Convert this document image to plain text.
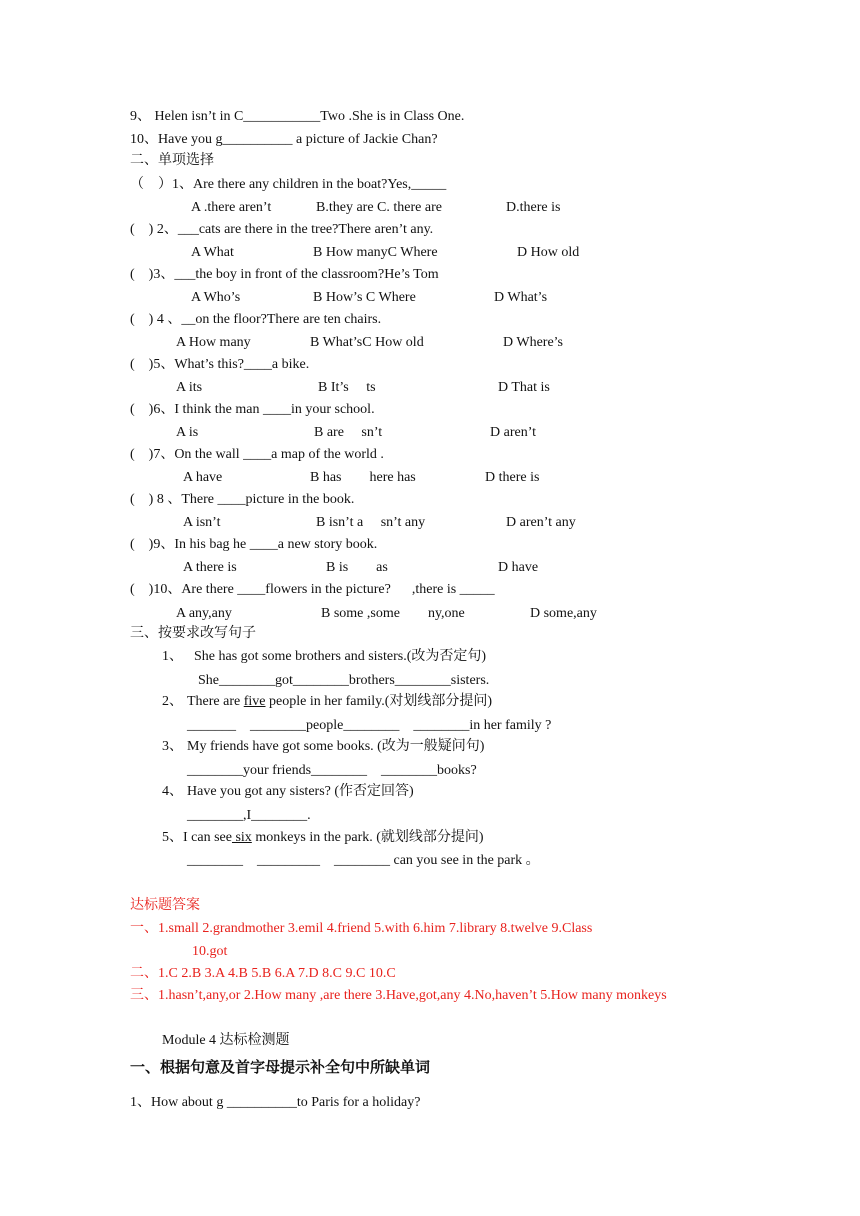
9、 Helen isn’t in C___________Two .She is in Class One.
10、Have you g__________ a picture of Jackie Chan?
二、单项选择
（　）1、Are there any children in the boat?Yes,_____
A .there aren’t	B.they are C. there are	D.there is
(　) 2、___cats are there in the tree?There aren’t any.
A What	B How manyC Where	D How old
(　)3、___the boy in front of the classroom?He’s Tom
A Who’s	B How’s C Where	D What’s
(　) 4 、__on the floor?There are ten chairs.
A How many	B What’sC How old	D Where’s
(　)5、What’s this?____a bike.
A its	B It’s　 ts	D That is
(　)6、I think the man ____in your school.
A is	B are　 sn’t	D aren’t
(　)7、On the wall ____a map of the world .
A have	B has　　here has	D there is
(　) 8 、There ____picture in the book.
A isn’t	B isn’t a　 sn’t any	D aren’t any
(　)9、In his bag he ____a new story book.
A there is	B is　　as	D have
(　)10、Are there ____flowers in the picture?　  ,there is _____
A any,any	B some ,some　　ny,one	D some,any
三、按要求改写句子
1、 She has got some brothers and sisters.(改为否定句)
She________got________brothers________sisters.
2、 There are five people in her family.(对划线部分提问)
_______　________people________　________in her family ?
3、 My friends have got some books. (改为一般疑问句)
________your friends________　________books?
4、 Have you got any sisters? (作否定回答)
________,I________.
5、I can see six monkeys in the park. (就划线部分提问)
________　_________　________ can you see in the park 。
达标题答案
一、1.small 2.grandmother 3.emil 4.friend 5.with 6.him 7.library 8.twelve 9.Class
10.got
二、1.C 2.B 3.A 4.B 5.B 6.A 7.D 8.C 9.C 10.C
三、1.hasn’t,any,or 2.How many ,are there 3.Have,got,any 4.No,haven’t 5.How many monkeys
Module 4 达标检测题
一、根据句意及首字母提示补全句中所缺单词
1、How about g __________to Paris for a holiday?
